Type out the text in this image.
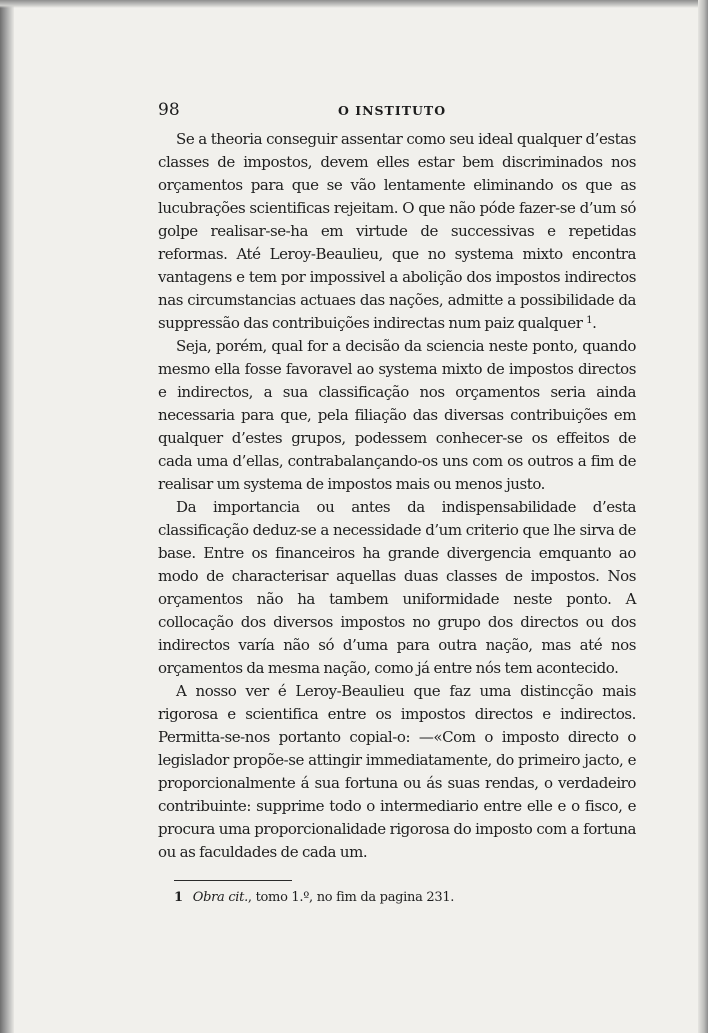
98	O INSTITUTO

Se a theoria conseguir assentar como seu ideal qualquer d’estas classes de impostos, devem elles estar bem discriminados nos orçamentos para que se vão lentamente eliminando os que as lucubrações scientificas rejeitam. O que não póde fazer-se d’um só golpe realisar-se-ha em virtude de successivas e repetidas reformas. Até Leroy-Beaulieu, que no systema mixto encontra vantagens e tem por impossivel a abolição dos impostos indirectos nas circumstancias actuaes das nações, admitte a possibilidade da suppressão das contribuições indirectas num paiz qualquer $^1$.

Seja, porém, qual for a decisão da sciencia neste ponto, quando mesmo ella fosse favoravel ao systema mixto de impostos directos e indirectos, a sua classificação nos orçamentos seria ainda necessaria para que, pela filiação das diversas contribuições em qualquer d’estes grupos, podessem conhecer-se os effeitos de cada uma d’ellas, contrabalançando-os uns com os outros a fim de realisar um systema de impostos mais ou menos justo.

Da importancia ou antes da indispensabilidade d’esta classificação deduz-se a necessidade d’um criterio que lhe sirva de base. Entre os financeiros ha grande divergencia emquanto ao modo de characterisar aquellas duas classes de impostos. Nos orçamentos não ha tambem uniformidade neste ponto. A collocação dos diversos impostos no grupo dos directos ou dos indirectos varía não só d’uma para outra nação, mas até nos orçamentos da mesma nação, como já entre nós tem acontecido.

A nosso ver é Leroy-Beaulieu que faz uma distincção mais rigorosa e scientifica entre os impostos directos e indirectos. Permitta-se-nos portanto copial-o: —«Com o imposto directo o legislador propõe-se attingir immediatamente, do primeiro jacto, e proporcionalmente á sua fortuna ou ás suas rendas, o verdadeiro contribuinte: supprime todo o intermediario entre elle e o fisco, e procura uma proporcionalidade rigorosa do imposto com a fortuna ou as faculdades de cada um.

1 Obra cit., tomo 1.º, no fim da pagina 231.
